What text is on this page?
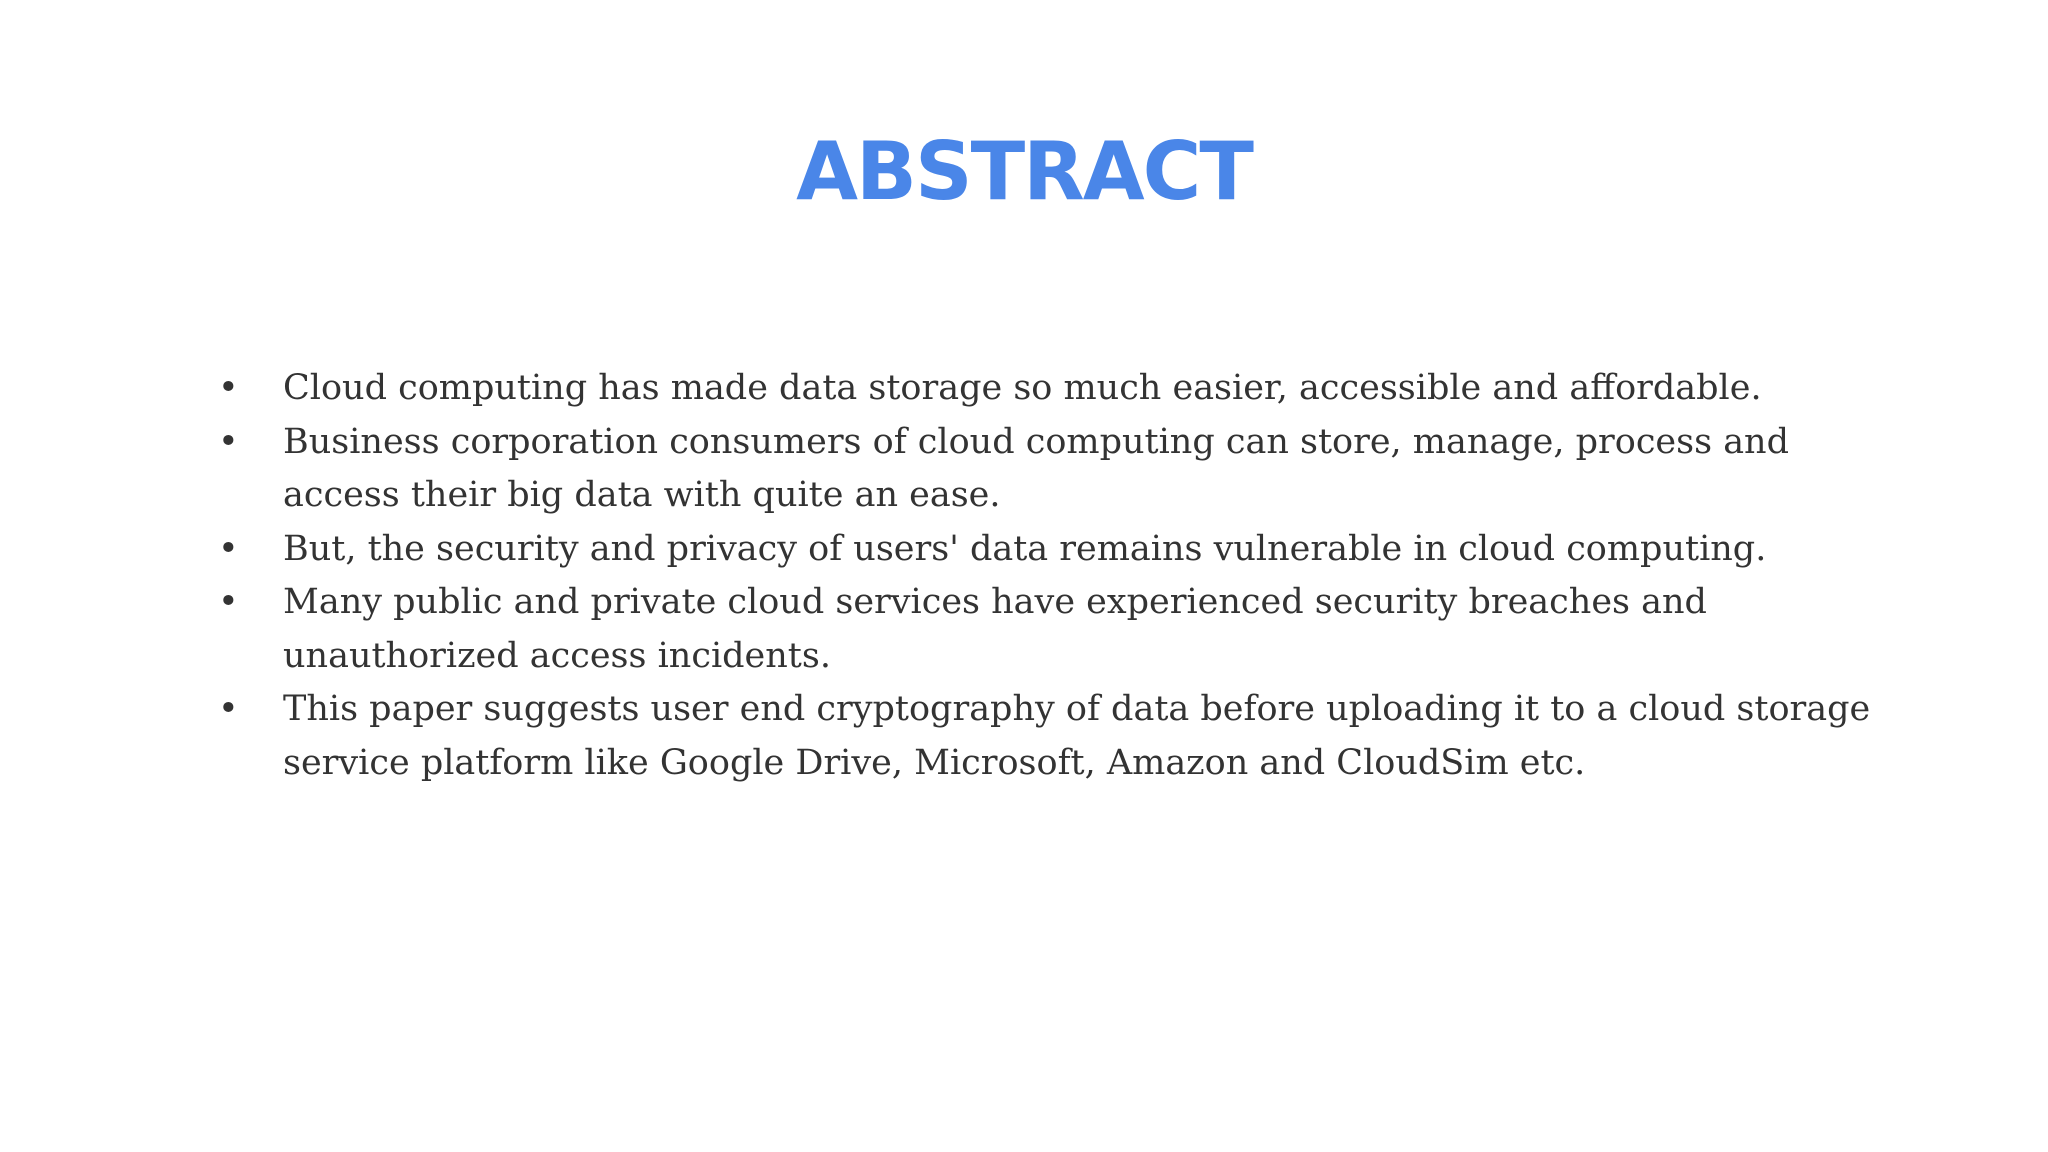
ABSTRACT
• Cloud computing has made data storage so much easier, accessible and affordable.
• Business corporation consumers of cloud computing can store, manage, process and access their big data with quite an ease.
• But, the security and privacy of users' data remains vulnerable in cloud computing.
• Many public and private cloud services have experienced security breaches and unauthorized access incidents.
• This paper suggests user end cryptography of data before uploading it to a cloud storage service platform like Google Drive, Microsoft, Amazon and CloudSim etc.
